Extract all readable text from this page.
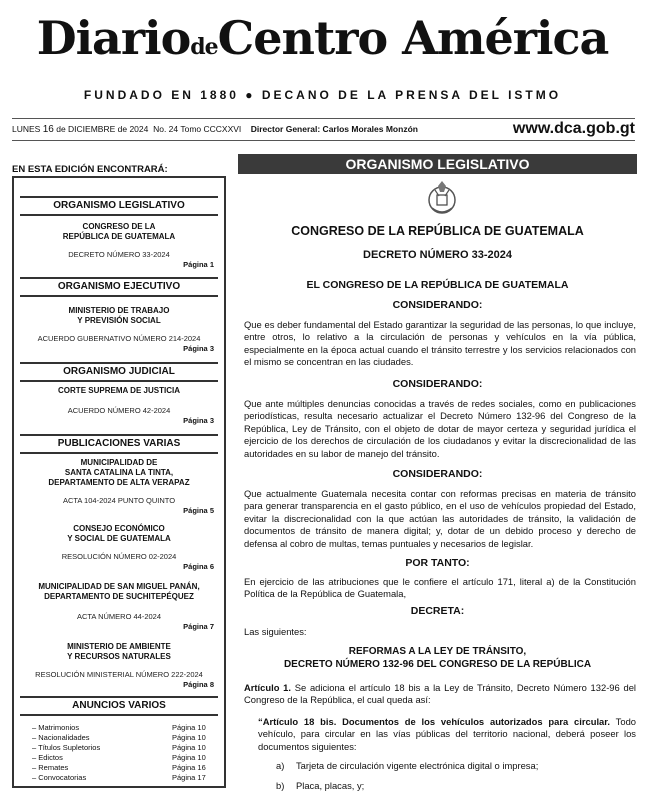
DiariodeCentro América
FUNDADO EN 1880 ● DECANO DE LA PRENSA DEL ISTMO
LUNES 16 de DICIEMBRE de 2024 No. 24 Tomo CCCXXVI Director General: Carlos Morales Monzón	www.dca.gob.gt
EN ESTA EDICIÓN ENCONTRARÁ:
ORGANISMO LEGISLATIVO
CONGRESO DE LA
REPÚBLICA DE GUATEMALA
DECRETO NÚMERO 33-2024
Página 1
ORGANISMO EJECUTIVO
MINISTERIO DE TRABAJO
Y PREVISIÓN SOCIAL
ACUERDO GUBERNATIVO NÚMERO 214-2024
Página 3
ORGANISMO JUDICIAL
CORTE SUPREMA DE JUSTICIA
ACUERDO NÚMERO 42-2024
Página 3
PUBLICACIONES VARIAS
MUNICIPALIDAD DE
SANTA CATALINA LA TINTA,
DEPARTAMENTO DE ALTA VERAPAZ
ACTA 104-2024 PUNTO QUINTO
Página 5
CONSEJO ECONÓMICO
Y SOCIAL DE GUATEMALA
RESOLUCIÓN NÚMERO 02-2024
Página 6
MUNICIPALIDAD DE SAN MIGUEL PANÁN,
DEPARTAMENTO DE SUCHITEPÉQUEZ
ACTA NÚMERO 44-2024
Página 7
MINISTERIO DE AMBIENTE
Y RECURSOS NATURALES
RESOLUCIÓN MINISTERIAL NÚMERO 222-2024
Página 8
ANUNCIOS VARIOS
– Matrimonios	Página 10
– Nacionalidades	Página 10
– Títulos Supletorios	Página 10
– Edictos	Página 10
– Remates	Página 16
– Convocatorias	Página 17
ORGANISMO LEGISLATIVO
CONGRESO DE LA REPÚBLICA DE GUATEMALA
DECRETO NÚMERO 33-2024
EL CONGRESO DE LA REPÚBLICA DE GUATEMALA
CONSIDERANDO:
Que es deber fundamental del Estado garantizar la seguridad de las personas, lo que incluye, entre otros, lo relativo a la circulación de personas y vehículos en la vía pública, especialmente en la época actual cuando el tránsito terrestre y los servicios relacionados con el mismo se concentran en las ciudades.
CONSIDERANDO:
Que ante múltiples denuncias conocidas a través de redes sociales, como en publicaciones periodísticas, resulta necesario actualizar el Decreto Número 132-96 del Congreso de la República, Ley de Tránsito, con el objeto de dotar de mayor certeza y seguridad jurídica el ejercicio de los derechos de circulación de los ciudadanos y evitar la discrecionalidad de las autoridades en su labor de manejo del tránsito.
CONSIDERANDO:
Que actualmente Guatemala necesita contar con reformas precisas en materia de tránsito para generar transparencia en el gasto público, en el uso de vehículos propiedad del Estado, evitar la discrecionalidad con la que actúan las autoridades de tránsito, la validación de documentos de tránsito de manera digital; y, dotar de un debido proceso y derecho de defensa al cobro de multas, temas puntuales y necesarios de legislar.
POR TANTO:
En ejercicio de las atribuciones que le confiere el artículo 171, literal a) de la Constitución Política de la República de Guatemala,
DECRETA:
Las siguientes:
REFORMAS A LA LEY DE TRÁNSITO,
DECRETO NÚMERO 132-96 DEL CONGRESO DE LA REPÚBLICA
Artículo 1. Se adiciona el artículo 18 bis a la Ley de Tránsito, Decreto Número 132-96 del Congreso de la República, el cual queda así:
“Artículo 18 bis. Documentos de los vehículos autorizados para circular. Todo vehículo, para circular en las vías públicas del territorio nacional, deberá poseer los documentos siguientes:
a) Tarjeta de circulación vigente electrónica digital o impresa;
b) Placa, placas, y;
